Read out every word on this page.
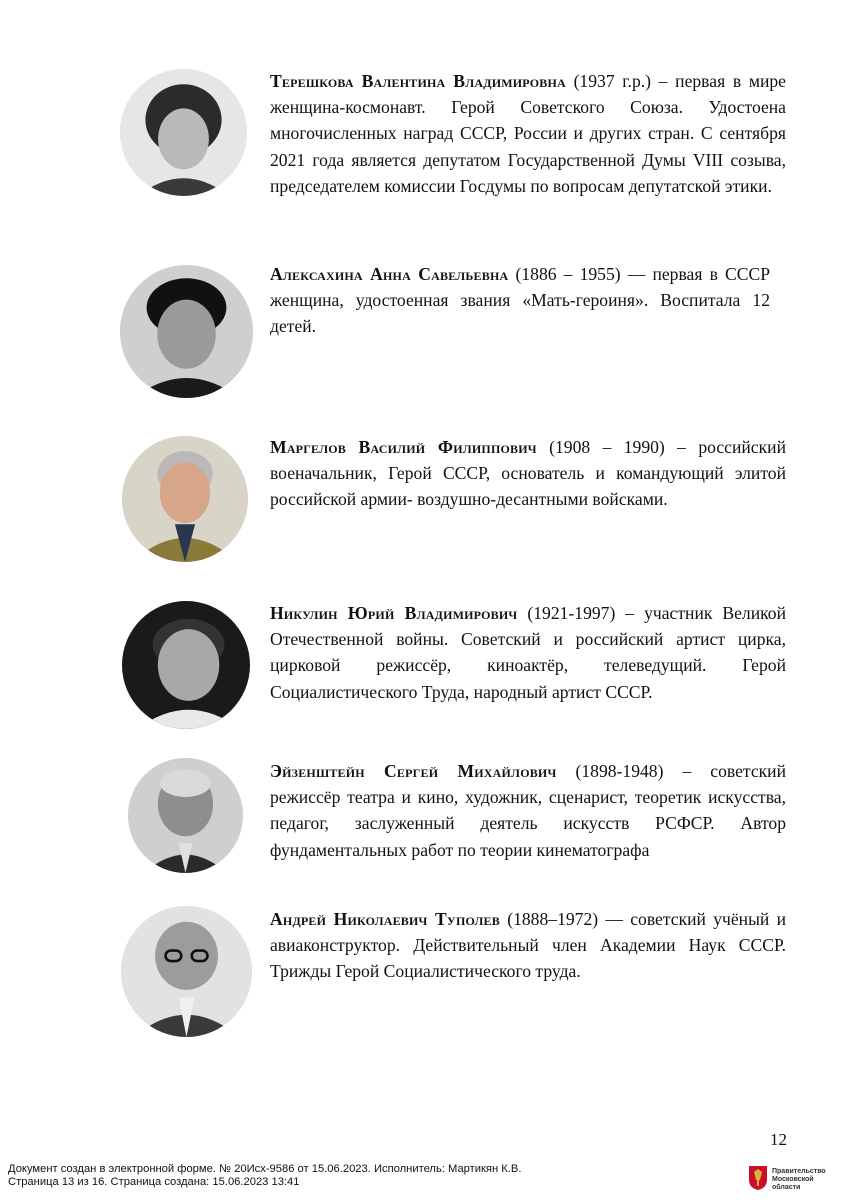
Терешкова Валентина Владимировна (1937 г.р.) – первая в мире женщина-космонавт. Герой Советского Союза. Удостоена многочисленных наград СССР, России и других стран. С сентября 2021 года является депутатом Государственной Думы VIII созыва, председателем комиссии Госдумы по вопросам депутатской этики.

Алексахина Анна Савельевна (1886 – 1955) — первая в СССР женщина, удостоенная звания «Мать-героиня». Воспитала 12 детей.

Маргелов Василий Филиппович (1908 – 1990) – российский военачальник, Герой СССР, основатель и командующий элитой российской армии- воздушно-десантными войсками.

Никулин Юрий Владимирович (1921-1997) – участник Великой Отечественной войны. Советский и российский артист цирка, цирковой режиссёр, киноактёр, телеведущий. Герой Социалистического Труда, народный артист СССР.

Эйзенштейн Сергей Михайлович (1898-1948) – советский режиссёр театра и кино, художник, сценарист, теоретик искусства, педагог, заслуженный деятель искусств РСФСР. Автор фундаментальных работ по теории кинематографа

Андрей Николаевич Туполев (1888–1972) — советский учёный и авиаконструктор. Действительный член Академии Наук СССР. Трижды Герой Социалистического труда.

12
Документ создан в электронной форме. № 20Исх-9586 от 15.06.2023. Исполнитель: Мартикян К.В.
Страница 13 из 16. Страница создана: 15.06.2023 13:41
Правительство
Московской области
